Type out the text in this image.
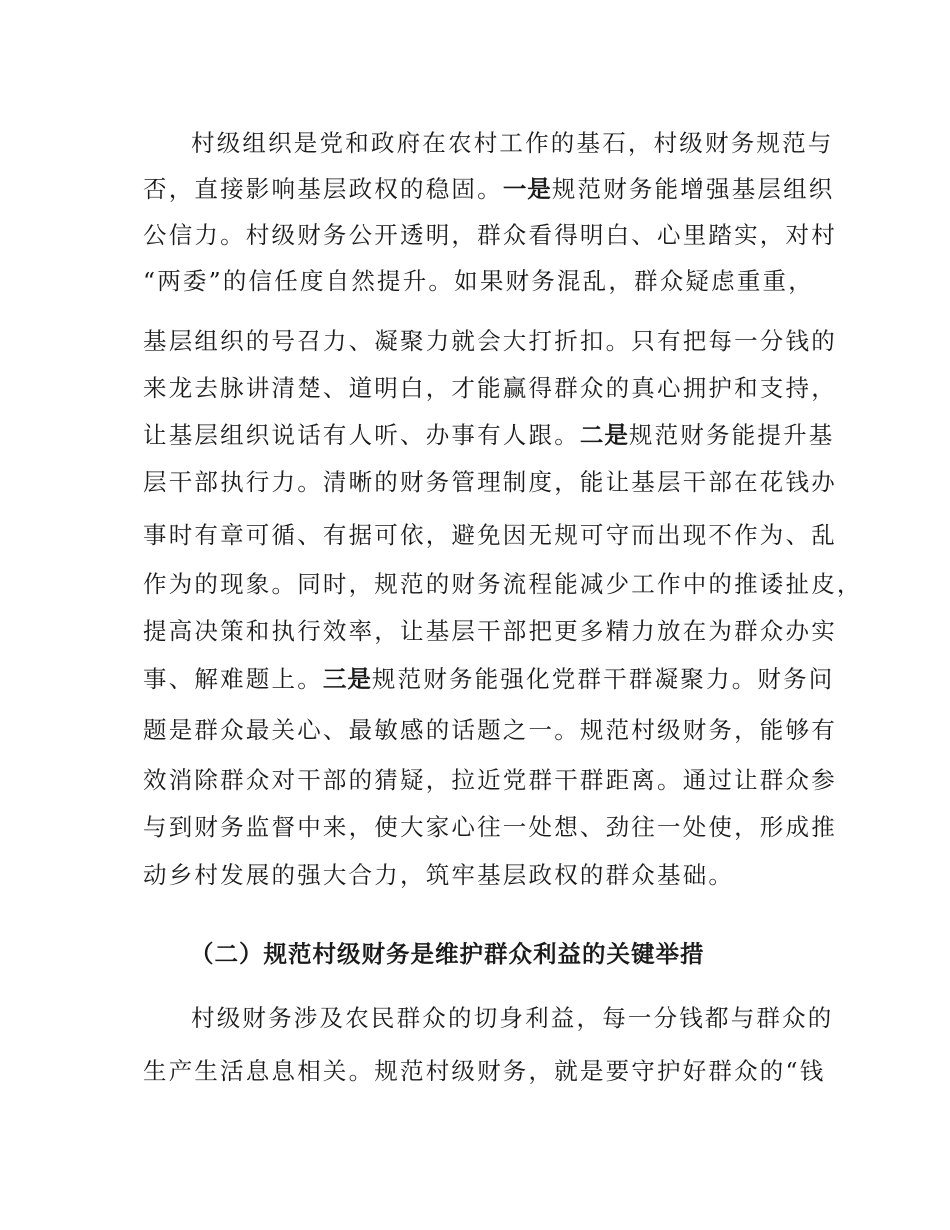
村级组织是党和政府在农村工作的基石，村级财务规范与
否，直接影响基层政权的稳固。一是规范财务能增强基层组织
公信力。村级财务公开透明，群众看得明白、心里踏实，对村
“两委”的信任度自然提升。如果财务混乱，群众疑虑重重，
基层组织的号召力、凝聚力就会大打折扣。只有把每一分钱的
来龙去脉讲清楚、道明白，才能赢得群众的真心拥护和支持，
让基层组织说话有人听、办事有人跟。二是规范财务能提升基
层干部执行力。清晰的财务管理制度，能让基层干部在花钱办
事时有章可循、有据可依，避免因无规可守而出现不作为、乱
作为的现象。同时，规范的财务流程能减少工作中的推诿扯皮，
提高决策和执行效率，让基层干部把更多精力放在为群众办实
事、解难题上。三是规范财务能强化党群干群凝聚力。财务问
题是群众最关心、最敏感的话题之一。规范村级财务，能够有
效消除群众对干部的猜疑，拉近党群干群距离。通过让群众参
与到财务监督中来，使大家心往一处想、劲往一处使，形成推
动乡村发展的强大合力，筑牢基层政权的群众基础。
（二）规范村级财务是维护群众利益的关键举措
村级财务涉及农民群众的切身利益，每一分钱都与群众的
生产生活息息相关。规范村级财务，就是要守护好群众的“钱
